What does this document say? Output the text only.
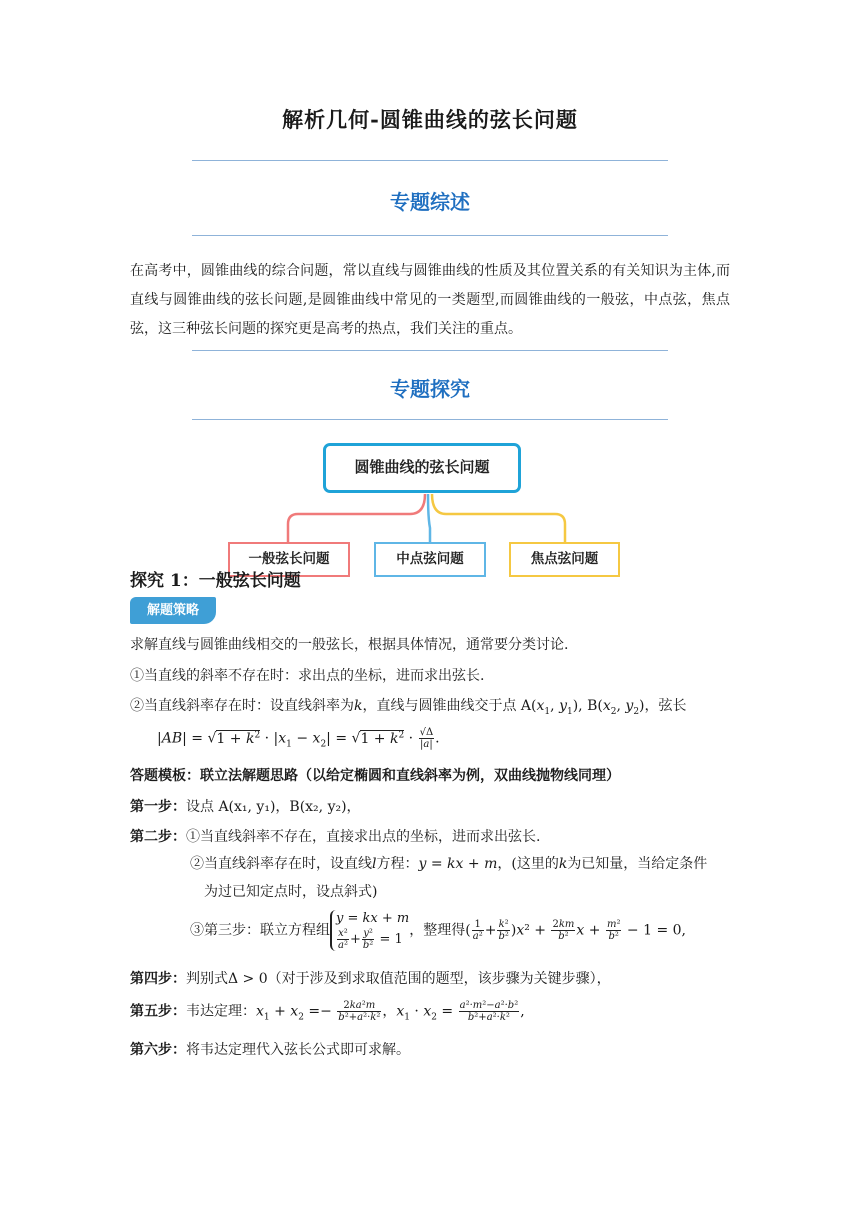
解析几何-圆锥曲线的弦长问题
专题综述
在高考中，圆锥曲线的综合问题，常以直线与圆锥曲线的性质及其位置关系的有关知识为主体,而直线与圆锥曲线的弦长问题,是圆锥曲线中常见的一类题型,而圆锥曲线的一般弦，中点弦，焦点弦，这三种弦长问题的探究更是高考的热点，我们关注的重点。
专题探究
圆锥曲线的弦长问题
一般弦长问题	中点弦问题	焦点弦问题
探究 1：一般弦长问题
解题策略
求解直线与圆锥曲线相交的一般弦长，根据具体情况，通常要分类讨论.
①当直线的斜率不存在时：求出点的坐标，进而求出弦长.
②当直线斜率存在时：设直线斜率为k，直线与圆锥曲线交于点 $A(x_1$, $y_1$), $B(x_2$, $y_2$)，弦长
$|AB| = √1 + k^2 \cdot |x_1 - x_2| = √1 + k^2 \cdot \frac{√\Delta}{|a|}$ .
答题模板：联立法解题思路（以给定椭圆和直线斜率为例，双曲线抛物线同理）
第一步：设点 A(x₁, y₁)，B(x₂, y₂)，
第二步：①当直线斜率不存在，直接求出点的坐标，进而求出弦长.
②当直线斜率存在时，设直线l方程：y = kx + m，(这里的k为已知量，当给定条件
为过已知定点时，设点斜式)
③第三步：联立方程组y = kx + m

$\frac{\text{x²}}{\text{a²}} + \frac{\text{y²}}{\text{b²}} = 1$，整理得( $\frac{1}{\text{a²}} + \frac{\text{k²}}{\text{b²}} )x^2 + \frac{2km}{\text{b²}}$ $x + \frac{\text{m²}}{\text{b²}} - 1 = 0$,
第四步：判别式Δ > 0（对于涉及到求取值范围的题型，该步骤为关键步骤），
第五步：韦达定理：$x_1 + x_2 =- \frac{\text{2ka²m}}{\text{b²+a²·k²}}$ ，$x_1 \cdot x_2 = \frac{\text{a²·m²−a²·b²}}{\text{b²+a²·k²}}$ ,
第六步：将韦达定理代入弦长公式即可求解。
